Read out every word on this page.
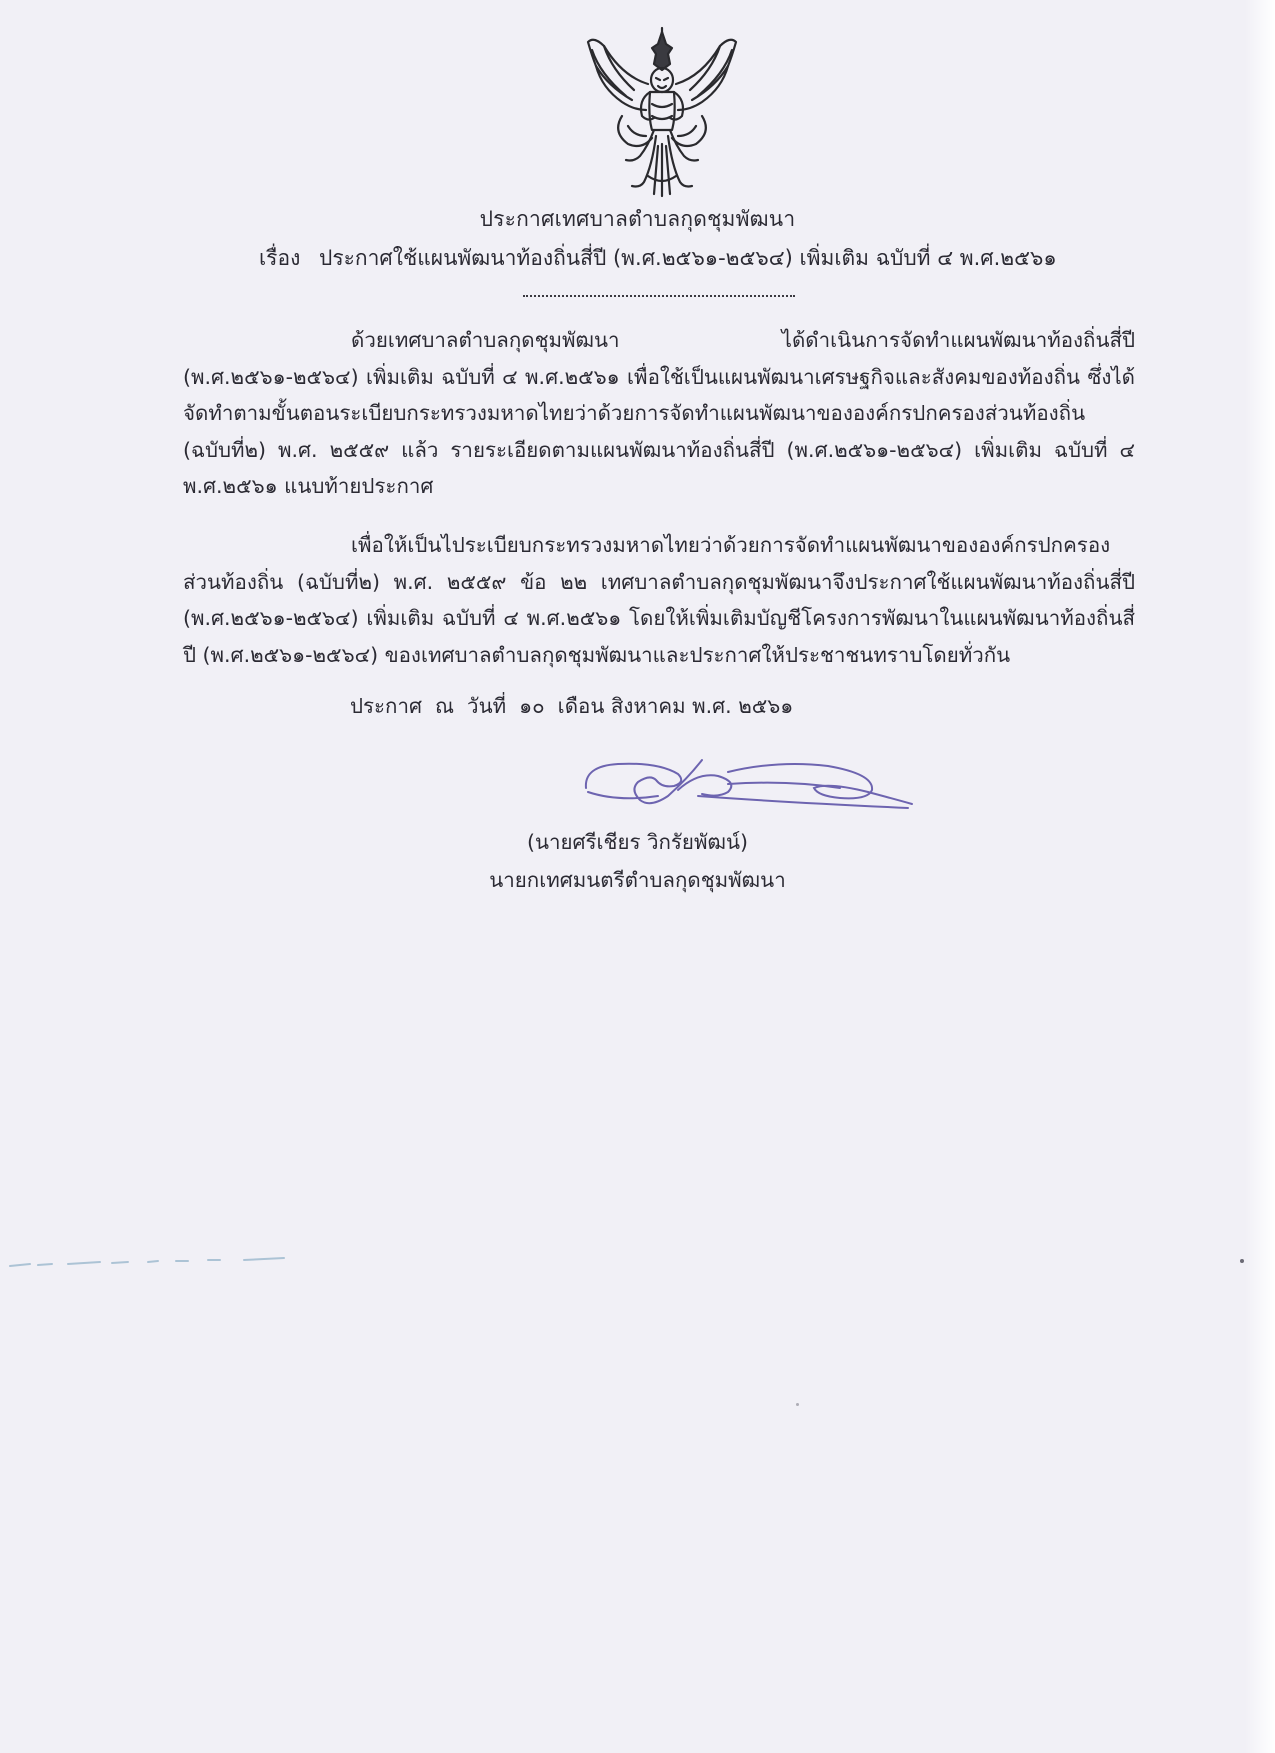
ประกาศเทศบาลตำบลกุดชุมพัฒนา
เรื่อง ประกาศใช้แผนพัฒนาท้องถิ่นสี่ปี (พ.ศ.๒๕๖๑-๒๕๖๔) เพิ่มเติม ฉบับที่ ๔ พ.ศ.๒๕๖๑

ด้วยเทศบาลตำบลกุดชุมพัฒนา ได้ดำเนินการจัดทำแผนพัฒนาท้องถิ่นสี่ปี (พ.ศ.๒๕๖๑-๒๕๖๔) เพิ่มเติม ฉบับที่ ๔ พ.ศ.๒๕๖๑ เพื่อใช้เป็นแผนพัฒนาเศรษฐกิจและสังคมของท้องถิ่น ซึ่งได้จัดทำตามขั้นตอนระเบียบกระทรวงมหาดไทยว่าด้วยการจัดทำแผนพัฒนาขององค์กรปกครองส่วนท้องถิ่น (ฉบับที่๒) พ.ศ. ๒๕๕๙ แล้ว รายระเอียดตามแผนพัฒนาท้องถิ่นสี่ปี (พ.ศ.๒๕๖๑-๒๕๖๔) เพิ่มเติม ฉบับที่ ๔ พ.ศ.๒๕๖๑ แนบท้ายประกาศ

เพื่อให้เป็นไประเบียบกระทรวงมหาดไทยว่าด้วยการจัดทำแผนพัฒนาขององค์กรปกครองส่วนท้องถิ่น (ฉบับที่๒) พ.ศ. ๒๕๕๙ ข้อ ๒๒ เทศบาลตำบลกุดชุมพัฒนาจึงประกาศใช้แผนพัฒนาท้องถิ่นสี่ปี (พ.ศ.๒๕๖๑-๒๕๖๔) เพิ่มเติม ฉบับที่ ๔ พ.ศ.๒๕๖๑ โดยให้เพิ่มเติมบัญชีโครงการพัฒนาในแผนพัฒนาท้องถิ่นสี่ปี (พ.ศ.๒๕๖๑-๒๕๖๔) ของเทศบาลตำบลกุดชุมพัฒนาและประกาศให้ประชาชนทราบโดยทั่วกัน

ประกาศ  ณ  วันที่  ๑๐  เดือน สิงหาคม พ.ศ. ๒๕๖๑
(นายศรีเชียร วิกรัยพัฒน์)
นายกเทศมนตรีตำบลกุดชุมพัฒนา
